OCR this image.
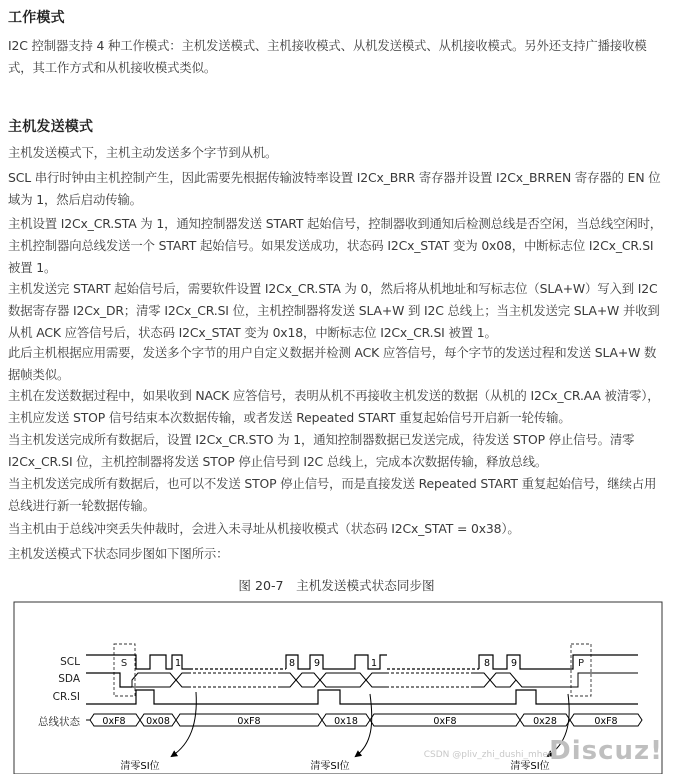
工作模式

I2C 控制器支持 4 种工作模式：主机发送模式、主机接收模式、从机发送模式、从机接收模式。另外还支持广播接收模式，其工作方式和从机接收模式类似。

主机发送模式

主机发送模式下，主机主动发送多个字节到从机。

SCL 串行时钟由主机控制产生，因此需要先根据传输波特率设置 I2Cx_BRR 寄存器并设置 I2Cx_BRREN 寄存器的 EN 位域为 1，然后启动传输。

主机设置 I2Cx_CR.STA 为 1，通知控制器发送 START 起始信号，控制器收到通知后检测总线是否空闲，当总线空闲时，主机控制器向总线发送一个 START 起始信号。如果发送成功，状态码 I2Cx_STAT 变为 0x08，中断标志位 I2Cx_CR.SI 被置 1。

主机发送完 START 起始信号后，需要软件设置 I2Cx_CR.STA 为 0，然后将从机地址和写标志位（SLA+W）写入到 I2C 数据寄存器 I2Cx_DR；清零 I2Cx_CR.SI 位，主机控制器将发送 SLA+W 到 I2C 总线上；当主机发送完 SLA+W 并收到从机 ACK 应答信号后，状态码 I2Cx_STAT 变为 0x18，中断标志位 I2Cx_CR.SI 被置 1。

此后主机根据应用需要，发送多个字节的用户自定义数据并检测 ACK 应答信号，每个字节的发送过程和发送 SLA+W 数据帧类似。

主机在发送数据过程中，如果收到 NACK 应答信号，表明从机不再接收主机发送的数据（从机的 I2Cx_CR.AA 被清零），主机应发送 STOP 信号结束本次数据传输，或者发送 Repeated START 重复起始信号开启新一轮传输。

当主机发送完成所有数据后，设置 I2Cx_CR.STO 为 1，通知控制器数据已发送完成，待发送 STOP 停止信号。清零 I2Cx_CR.SI 位，主机控制器将发送 STOP 停止信号到 I2C 总线上，完成本次数据传输，释放总线。

当主机发送完成所有数据后，也可以不发送 STOP 停止信号，而是直接发送 Repeated START 重复起始信号，继续占用总线进行新一轮数据传输。

当主机由于总线冲突丢失仲裁时，会进入未寻址从机接收模式（状态码 I2Cx_STAT = 0x38）。

主机发送模式下状态同步图如下图所示：

图 20-7　主机发送模式状态同步图

SCL
SDA
CR.SI
总线状态
S	P
1	8 9	1	8 9
0xF8 0x08	0xF8	0x18	0xF8	0x28	0xF8
清零SI位	清零SI位	清零SI位
CSDN @pliv_zhi_dushi_mhec
Discuz!
